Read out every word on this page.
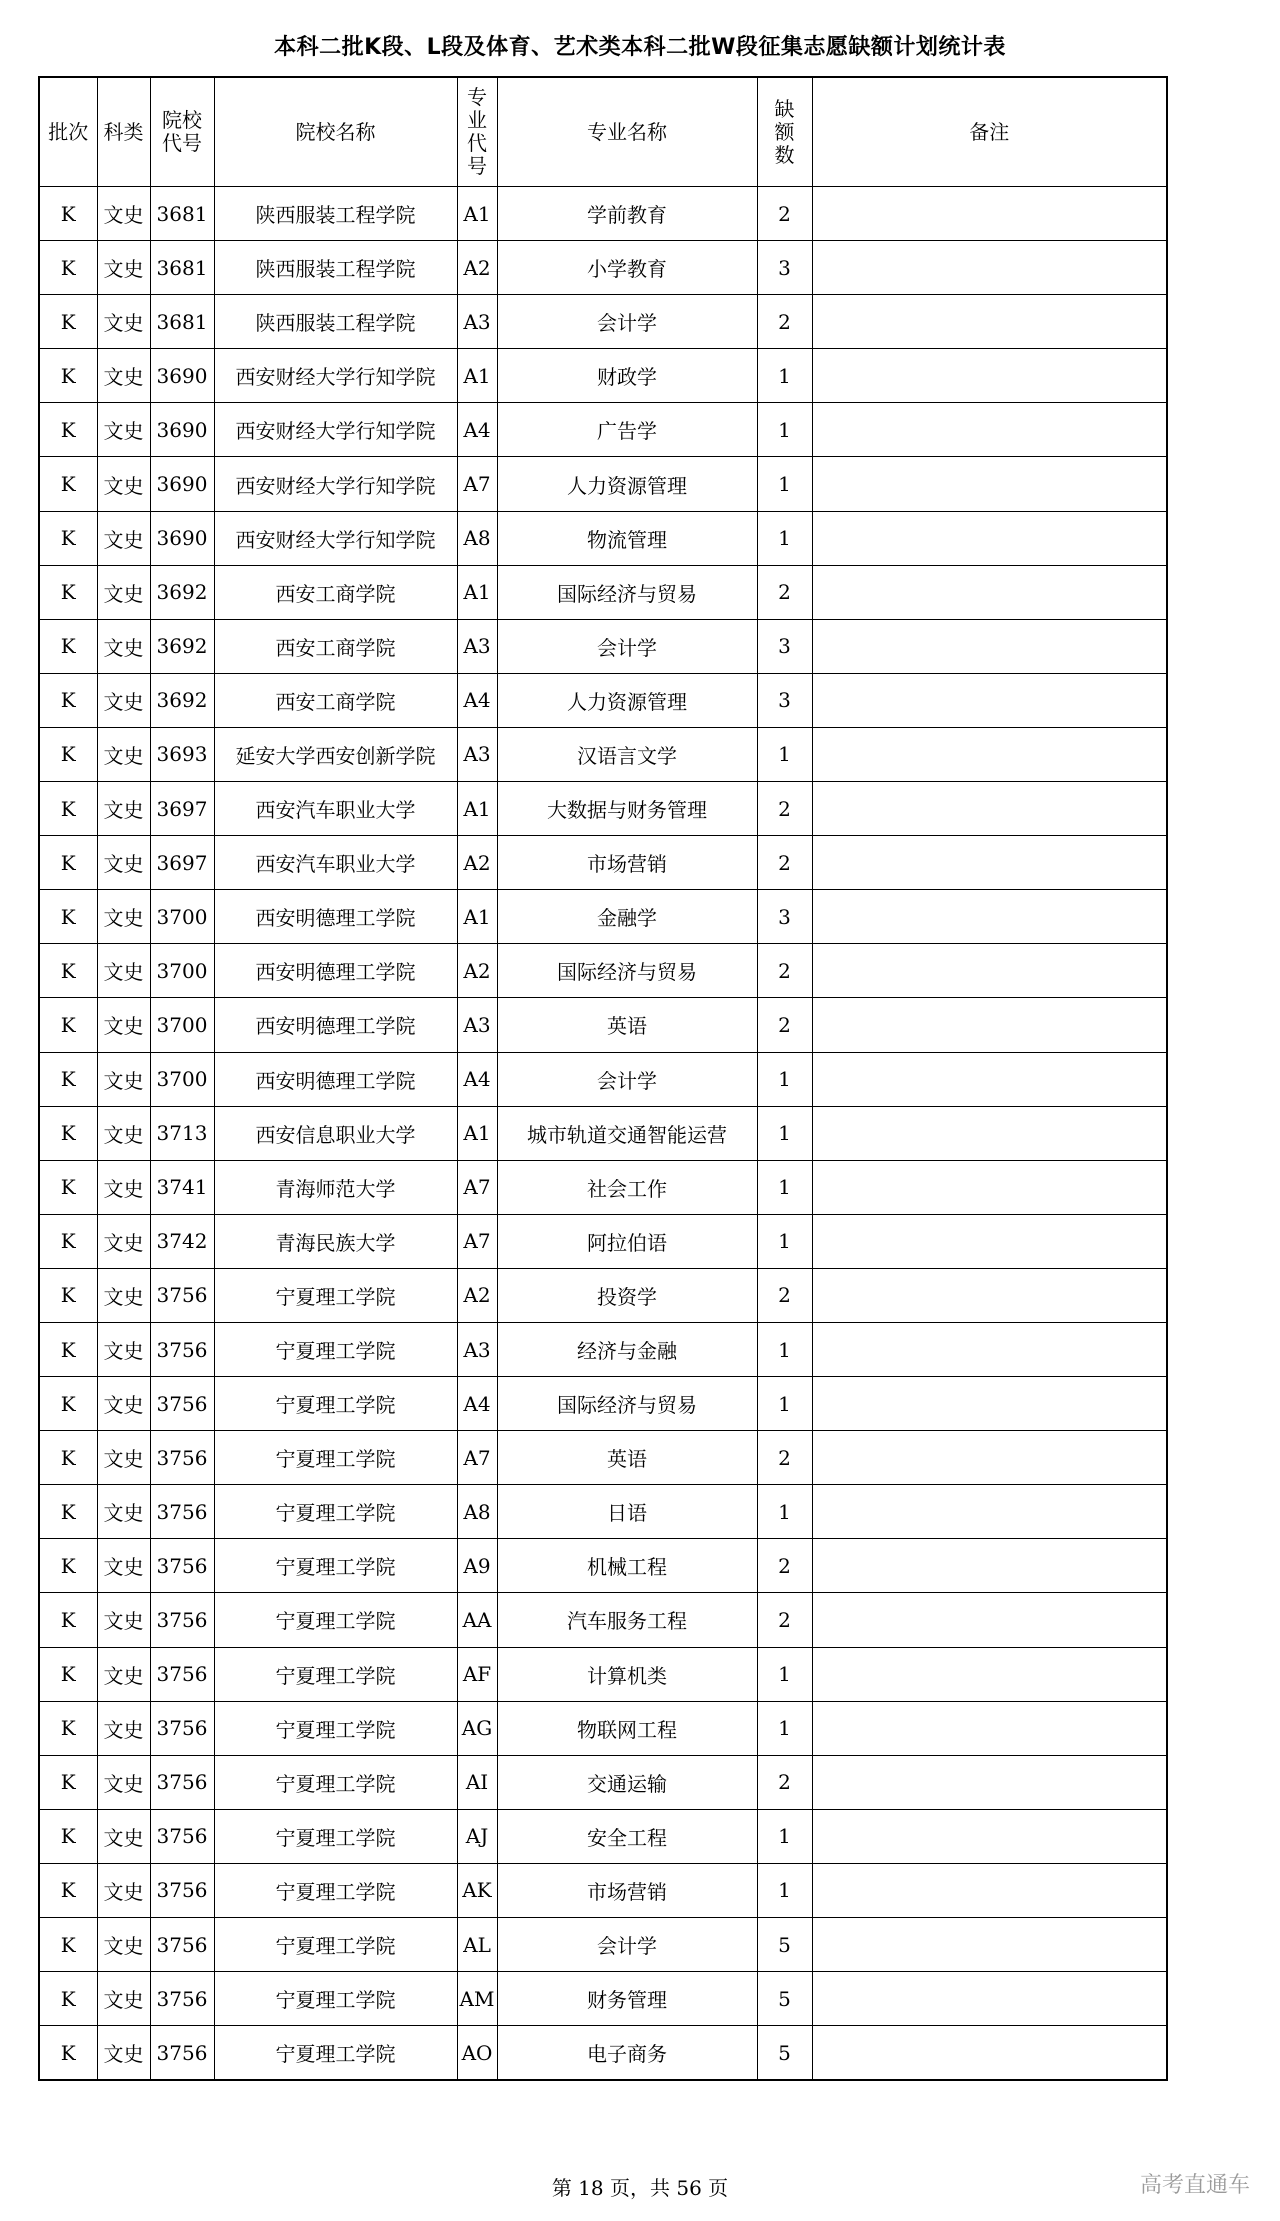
本科二批K段、L段及体育、艺术类本科二批W段征集志愿缺额计划统计表
批次	科类	院校代号	院校名称	专业代号	专业名称	缺额数	备注
K	文史	3681	陕西服装工程学院	A1	学前教育	2	
K	文史	3681	陕西服装工程学院	A2	小学教育	3	
K	文史	3681	陕西服装工程学院	A3	会计学	2	
K	文史	3690	西安财经大学行知学院	A1	财政学	1	
K	文史	3690	西安财经大学行知学院	A4	广告学	1	
K	文史	3690	西安财经大学行知学院	A7	人力资源管理	1	
K	文史	3690	西安财经大学行知学院	A8	物流管理	1	
K	文史	3692	西安工商学院	A1	国际经济与贸易	2	
K	文史	3692	西安工商学院	A3	会计学	3	
K	文史	3692	西安工商学院	A4	人力资源管理	3	
K	文史	3693	延安大学西安创新学院	A3	汉语言文学	1	
K	文史	3697	西安汽车职业大学	A1	大数据与财务管理	2	
K	文史	3697	西安汽车职业大学	A2	市场营销	2	
K	文史	3700	西安明德理工学院	A1	金融学	3	
K	文史	3700	西安明德理工学院	A2	国际经济与贸易	2	
K	文史	3700	西安明德理工学院	A3	英语	2	
K	文史	3700	西安明德理工学院	A4	会计学	1	
K	文史	3713	西安信息职业大学	A1	城市轨道交通智能运营	1	
K	文史	3741	青海师范大学	A7	社会工作	1	
K	文史	3742	青海民族大学	A7	阿拉伯语	1	
K	文史	3756	宁夏理工学院	A2	投资学	2	
K	文史	3756	宁夏理工学院	A3	经济与金融	1	
K	文史	3756	宁夏理工学院	A4	国际经济与贸易	1	
K	文史	3756	宁夏理工学院	A7	英语	2	
K	文史	3756	宁夏理工学院	A8	日语	1	
K	文史	3756	宁夏理工学院	A9	机械工程	2	
K	文史	3756	宁夏理工学院	AA	汽车服务工程	2	
K	文史	3756	宁夏理工学院	AF	计算机类	1	
K	文史	3756	宁夏理工学院	AG	物联网工程	1	
K	文史	3756	宁夏理工学院	AI	交通运输	2	
K	文史	3756	宁夏理工学院	AJ	安全工程	1	
K	文史	3756	宁夏理工学院	AK	市场营销	1	
K	文史	3756	宁夏理工学院	AL	会计学	5	
K	文史	3756	宁夏理工学院	AM	财务管理	5	
K	文史	3756	宁夏理工学院	AO	电子商务	5	
第 18 页，共 56 页	高考直通车
